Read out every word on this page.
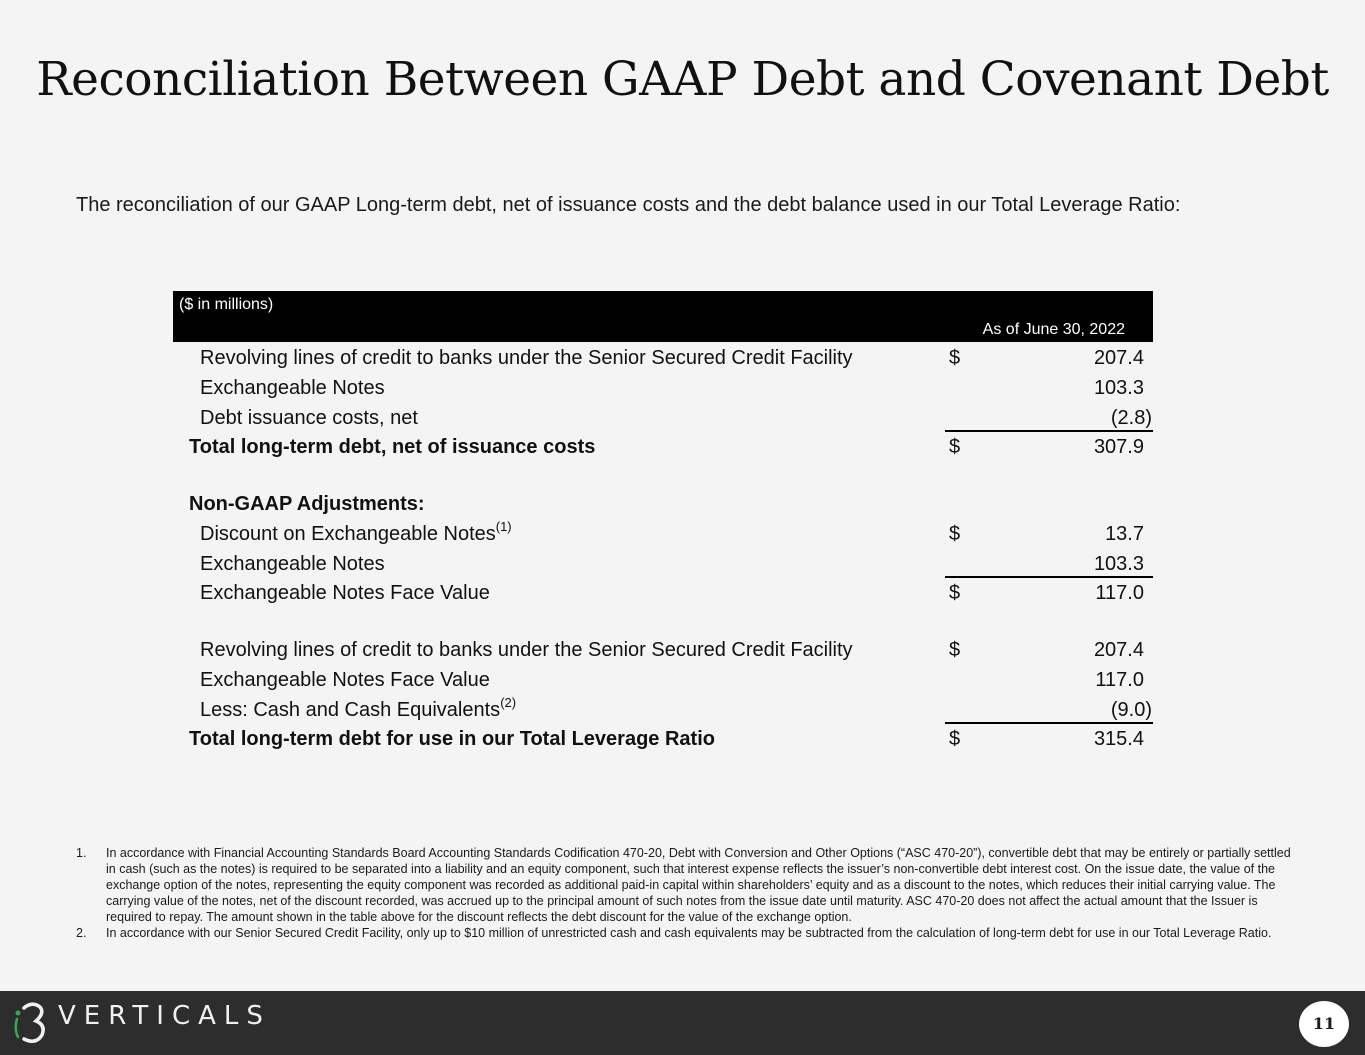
Reconciliation Between GAAP Debt and Covenant Debt
The reconciliation of our GAAP Long-term debt, net of issuance costs and the debt balance used in our Total Leverage Ratio:
($ in millions)
As of June 30, 2022
Revolving lines of credit to banks under the Senior Secured Credit Facility	$	207.4
Exchangeable Notes	103.3
Debt issuance costs, net	(2.8)
Total long-term debt, net of issuance costs	$	307.9
Non-GAAP Adjustments:
Discount on Exchangeable Notes$^{(1)}$	$	13.7
Exchangeable Notes	103.3
Exchangeable Notes Face Value	$	117.0
Revolving lines of credit to banks under the Senior Secured Credit Facility	$	207.4
Exchangeable Notes Face Value	117.0
Less: Cash and Cash Equivalents$^{(2)}$	(9.0)
Total long-term debt for use in our Total Leverage Ratio	$	315.4
1. In accordance with Financial Accounting Standards Board Accounting Standards Codification 470-20, Debt with Conversion and Other Options (“ASC 470-20”), convertible debt that may be entirely or partially settled in cash (such as the notes) is required to be separated into a liability and an equity component, such that interest expense reflects the issuer’s non-convertible debt interest cost. On the issue date, the value of the exchange option of the notes, representing the equity component was recorded as additional paid-in capital within shareholders’ equity and as a discount to the notes, which reduces their initial carrying value. The carrying value of the notes, net of the discount recorded, was accrued up to the principal amount of such notes from the issue date until maturity. ASC 470-20 does not affect the actual amount that the Issuer is required to repay. The amount shown in the table above for the discount reflects the debt discount for the value of the exchange option.
2. In accordance with our Senior Secured Credit Facility, only up to $10 million of unrestricted cash and cash equivalents may be subtracted from the calculation of long-term debt for use in our Total Leverage Ratio.
VERTICALS	11
